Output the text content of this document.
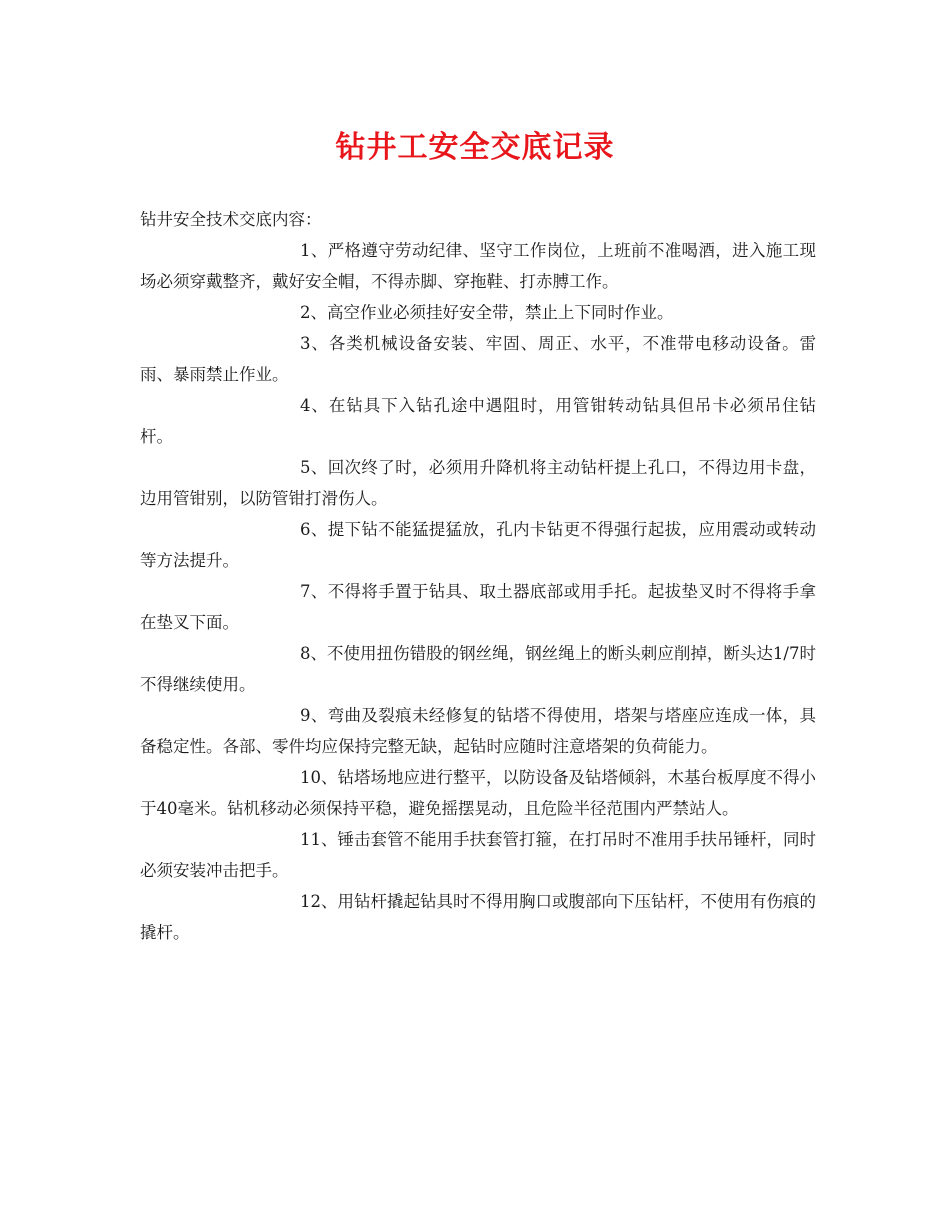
钻井工安全交底记录

钻井安全技术交底内容：

1、严格遵守劳动纪律、坚守工作岗位，上班前不准喝酒，进入施工现场必须穿戴整齐，戴好安全帽，不得赤脚、穿拖鞋、打赤膊工作。

2、高空作业必须挂好安全带，禁止上下同时作业。

3、各类机械设备安装、牢固、周正、水平，不准带电移动设备。雷雨、暴雨禁止作业。

4、在钻具下入钻孔途中遇阻时，用管钳转动钻具但吊卡必须吊住钻杆。

5、回次终了时，必须用升降机将主动钻杆提上孔口，不得边用卡盘，边用管钳别，以防管钳打滑伤人。

6、提下钻不能猛提猛放，孔内卡钻更不得强行起拔，应用震动或转动等方法提升。

7、不得将手置于钻具、取土器底部或用手托。起拔垫叉时不得将手拿在垫叉下面。

8、不使用扭伤错股的钢丝绳，钢丝绳上的断头刺应削掉，断头达1/7时不得继续使用。

9、弯曲及裂痕未经修复的钻塔不得使用，塔架与塔座应连成一体，具备稳定性。各部、零件均应保持完整无缺，起钻时应随时注意塔架的负荷能力。

10、钻塔场地应进行整平，以防设备及钻塔倾斜，木基台板厚度不得小于40毫米。钻机移动必须保持平稳，避免摇摆晃动，且危险半径范围内严禁站人。

11、锤击套管不能用手扶套管打箍，在打吊时不准用手扶吊锤杆，同时必须安装冲击把手。

12、用钻杆撬起钻具时不得用胸口或腹部向下压钻杆，不使用有伤痕的撬杆。
